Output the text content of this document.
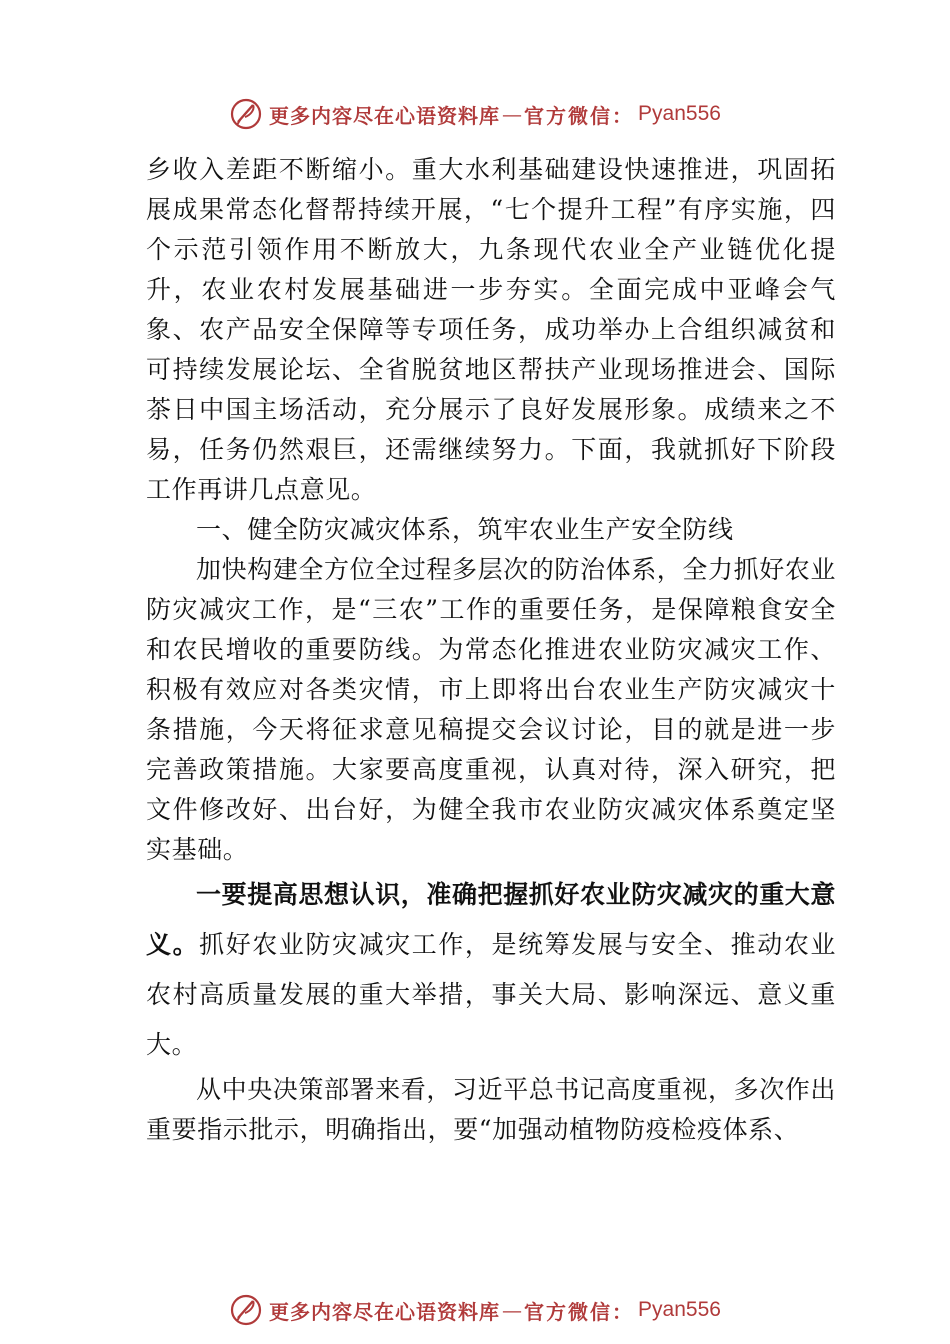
更多内容尽在心语资料库 — 官方微信： Pyan556

乡收入差距不断缩小。重大水利基础建设快速推进，巩固拓展成果常态化督帮持续开展，“七个提升工程”有序实施，四 个示范引领作用不断放大，九条现代农业全产业链优化提升，农业农村发展基础进一步夯实。全面完成中亚峰会气象、农产品安全保障等专项任务，成功举办上合组织减贫和可持续发展论坛、全省脱贫地区帮扶产业现场推进会、国际茶日中国主场活动，充分展示了良好发展形象。成绩来之不易，任务仍然艰巨，还需继续努力。下面，我就抓好下阶段工作再讲几点意见。

一、健全防灾减灾体系，筑牢农业生产安全防线

加快构建全方位全过程多层次的防治体系，全力抓好农业防灾减灾工作，是“三农”工作的重要任务，是保障粮食安全和农民增收的重要防线。为常态化推进农业防灾减灾工作、积极有效应对各类灾情，市上即将出台农业生产防灾减灾十条措施，今天将征求意见稿提交会议讨论，目的就是进一步完善政策措施。大家要高度重视，认真对待，深入研究，把文件修改好、出台好，为健全我市农业防灾减灾体系奠定坚实基础。

一要提高思想认识，准确把握抓好农业防灾减灾的重大意义。抓好农业防灾减灾工作，是统筹发展与安全、推动农业农村高质量发展的重大举措，事关大局、影响深远、意义重大。

从中央决策部署来看，习近平总书记高度重视，多次作出重要指示批示，明确指出，要“加强动植物防疫检疫体系、

更多内容尽在心语资料库 — 官方微信： Pyan556
